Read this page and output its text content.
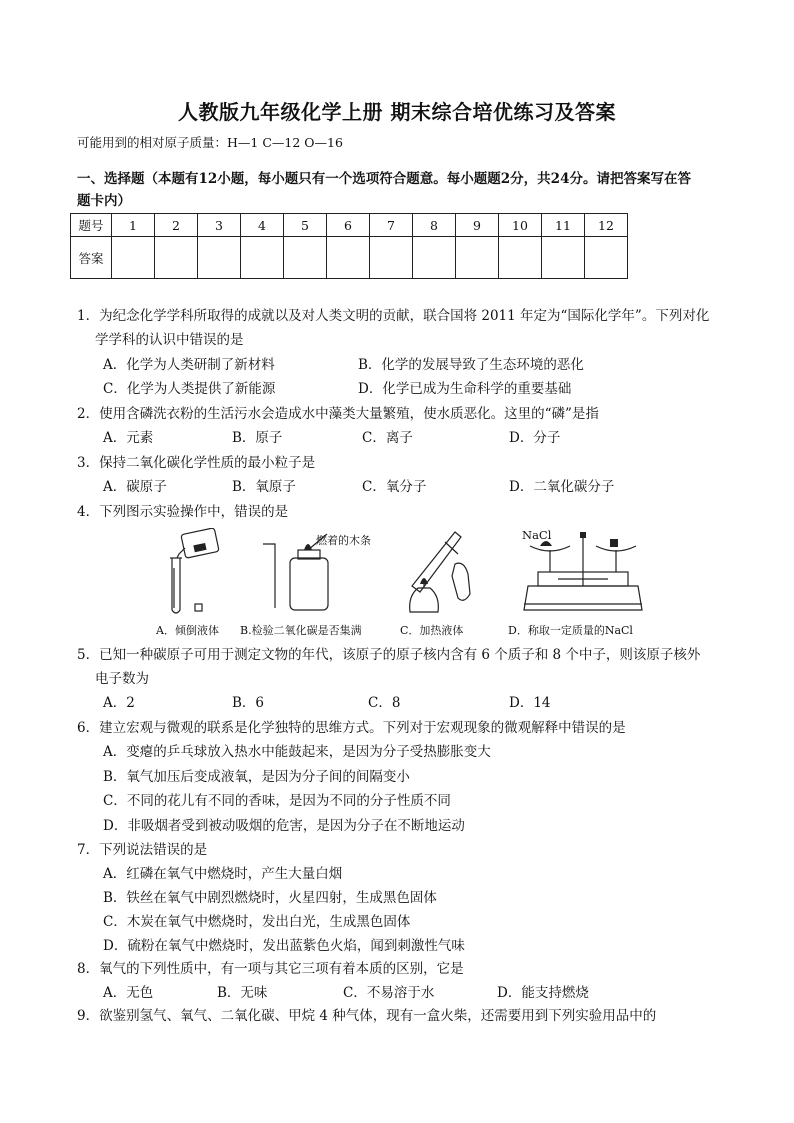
人教版九年级化学上册 期末综合培优练习及答案
可能用到的相对原子质量：H—1 C—12 O—16
一、选择题（本题有12小题，每小题只有一个选项符合题意。每小题题2分，共24分。请把答案写在答
题卡内）
题号	1	2	3	4	5	6	7	8	9	10	11	12
答案												
1．为纪念化学学科所取得的成就以及对人类文明的贡献，联合国将 2011 年定为“国际化学年”。下列对化
学学科的认识中错误的是
A．化学为人类研制了新材料	B．化学的发展导致了生态环境的恶化
C．化学为人类提供了新能源	D．化学已成为生命科学的重要基础
2．使用含磷洗衣粉的生活污水会造成水中藻类大量繁殖，使水质恶化。这里的“磷”是指
A．元素	B．原子	C．离子	D．分子
3．保持二氧化碳化学性质的最小粒子是
A．碳原子	B．氧原子	C．氧分子	D．二氧化碳分子
4．下列图示实验操作中，错误的是
A．倾倒液体
燃着的木条
B.检验二氧化碳是否集满	C．加热液体
NaCl
D．称取一定质量的NaCl
5．已知一种碳原子可用于测定文物的年代，该原子的原子核内含有 6 个质子和 8 个中子，则该原子核外
电子数为
A．2	B．6	C．8	D．14
6．建立宏观与微观的联系是化学独特的思维方式。下列对于宏观现象的微观解释中错误的是
A．变瘪的乒乓球放入热水中能鼓起来，是因为分子受热膨胀变大
B．氧气加压后变成液氧，是因为分子间的间隔变小
C．不同的花儿有不同的香味，是因为不同的分子性质不同
D．非吸烟者受到被动吸烟的危害，是因为分子在不断地运动
7．下列说法错误的是
A．红磷在氧气中燃烧时，产生大量白烟
B．铁丝在氧气中剧烈燃烧时，火星四射，生成黑色固体
C．木炭在氧气中燃烧时，发出白光，生成黑色固体
D．硫粉在氧气中燃烧时，发出蓝紫色火焰，闻到刺激性气味
8．氧气的下列性质中，有一项与其它三项有着本质的区别，它是
A．无色	B．无味	C．不易溶于水	D．能支持燃烧
9．欲鉴别氢气、氧气、二氧化碳、甲烷 4 种气体，现有一盒火柴，还需要用到下列实验用品中的
